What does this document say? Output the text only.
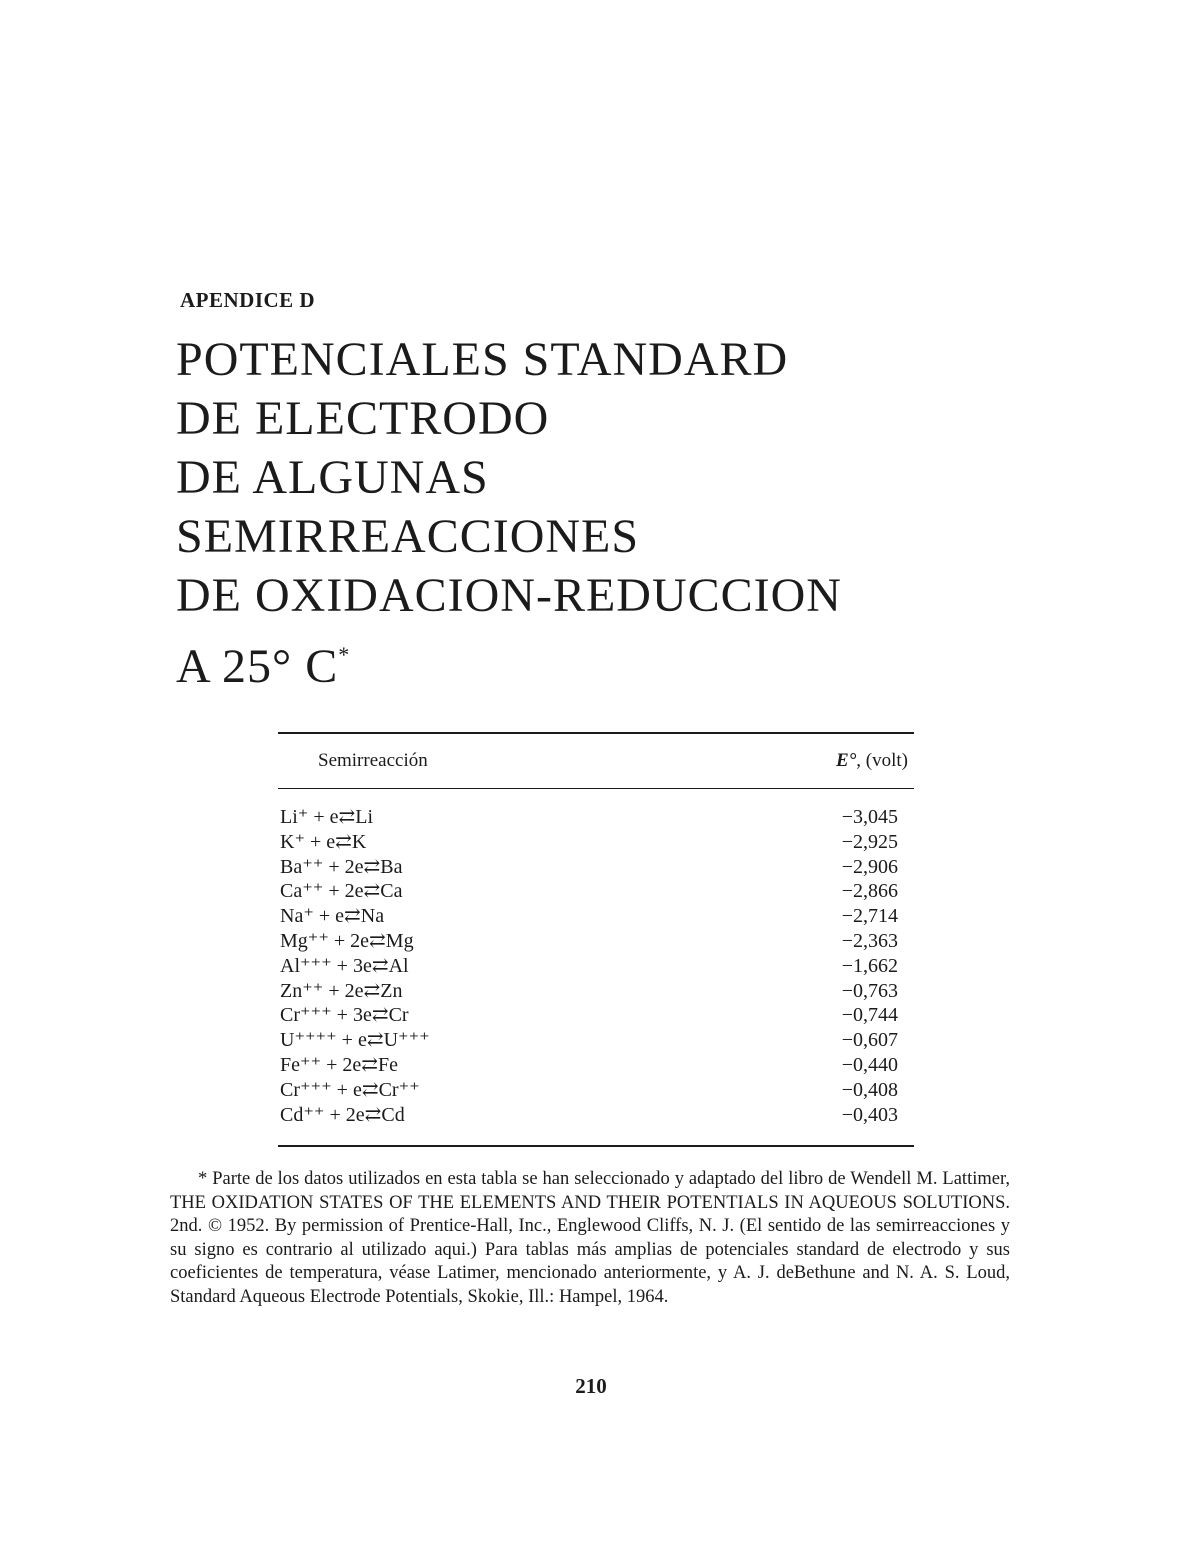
APENDICE D
POTENCIALES STANDARD
DE ELECTRODO
DE ALGUNAS
SEMIRREACCIONES
DE OXIDACION-REDUCCION
A 25° C*
Semirreacción	E°, (volt)
Li⁺ + e⇄Li	−3,045
K⁺ + e⇄K	−2,925
Ba⁺⁺ + 2e⇄Ba	−2,906
Ca⁺⁺ + 2e⇄Ca	−2,866
Na⁺ + e⇄Na	−2,714
Mg⁺⁺ + 2e⇄Mg	−2,363
Al⁺⁺⁺ + 3e⇄Al	−1,662
Zn⁺⁺ + 2e⇄Zn	−0,763
Cr⁺⁺⁺ + 3e⇄Cr	−0,744
U⁺⁺⁺⁺ + e⇄U⁺⁺⁺	−0,607
Fe⁺⁺ + 2e⇄Fe	−0,440
Cr⁺⁺⁺ + e⇄Cr⁺⁺	−0,408
Cd⁺⁺ + 2e⇄Cd	−0,403

* Parte de los datos utilizados en esta tabla se han seleccionado y adaptado del libro de Wendell M. Lattimer, THE OXIDATION STATES OF THE ELEMENTS AND THEIR POTENTIALS IN AQUEOUS SOLUTIONS. 2nd. © 1952. By permission of Prentice-Hall, Inc., Englewood Cliffs, N. J. (El sentido de las semirreacciones y su signo es contrario al utilizado aqui.) Para tablas más amplias de potenciales standard de electrodo y sus coeficientes de temperatura, véase Latimer, mencionado anteriormente, y A. J. deBethune and N. A. S. Loud, Standard Aqueous Electrode Potentials, Skokie, Ill.: Hampel, 1964.

210
